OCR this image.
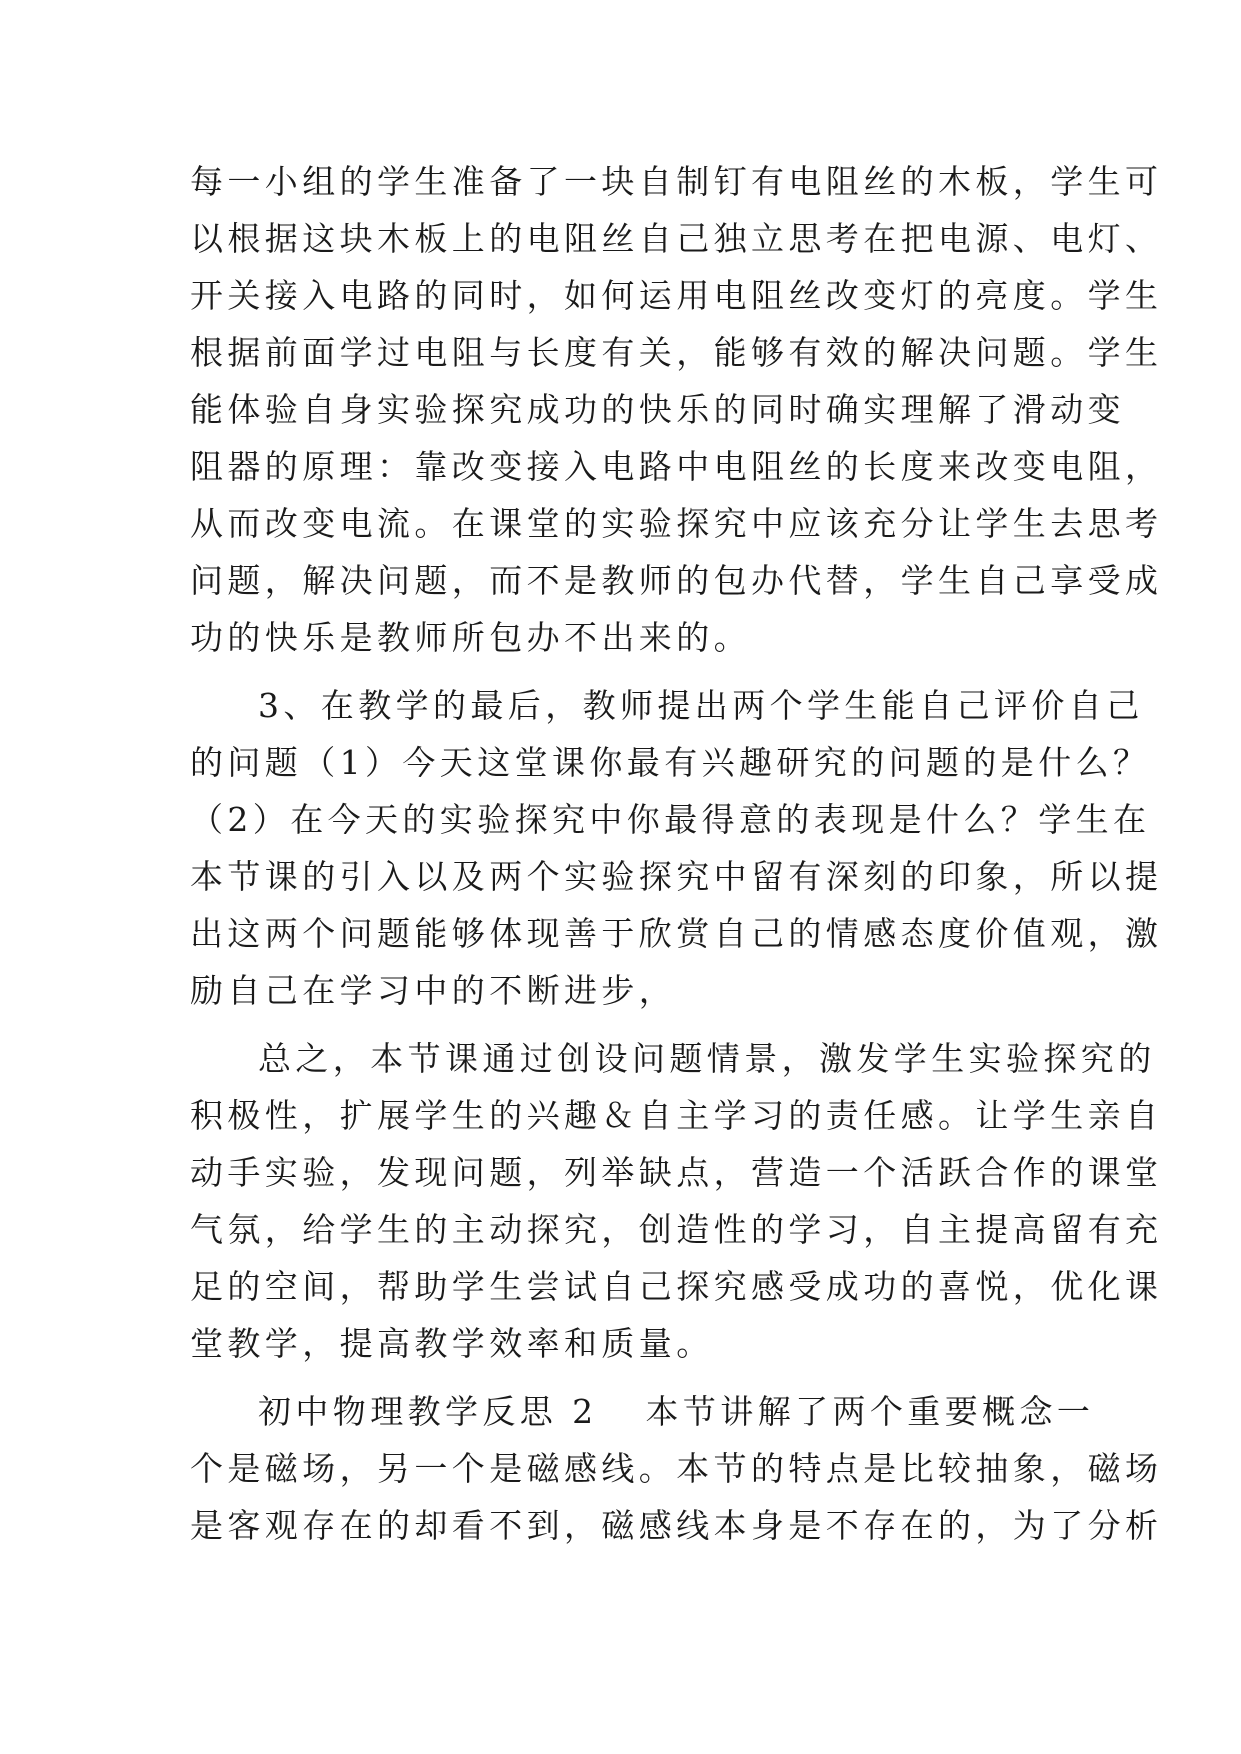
每一小组的学生准备了一块自制钉有电阻丝的木板，学生可

以根据这块木板上的电阻丝自己独立思考在把电源、电灯、

开关接入电路的同时，如何运用电阻丝改变灯的亮度。学生

根据前面学过电阻与长度有关，能够有效的解决问题。学生

能体验自身实验探究成功的快乐的同时确实理解了滑动变

阻器的原理：靠改变接入电路中电阻丝的长度来改变电阻，

从而改变电流。在课堂的实验探究中应该充分让学生去思考

问题，解决问题，而不是教师的包办代替，学生自己享受成

功的快乐是教师所包办不出来的。

3、在教学的最后，教师提出两个学生能自己评价自己

的问题（1）今天这堂课你最有兴趣研究的问题的是什么？

（2）在今天的实验探究中你最得意的表现是什么？学生在

本节课的引入以及两个实验探究中留有深刻的印象，所以提

出这两个问题能够体现善于欣赏自己的情感态度价值观，激

励自己在学习中的不断进步，

总之，本节课通过创设问题情景，激发学生实验探究的

积极性，扩展学生的兴趣＆自主学习的责任感。让学生亲自

动手实验，发现问题，列举缺点，营造一个活跃合作的课堂

气氛，给学生的主动探究，创造性的学习，自主提高留有充

足的空间，帮助学生尝试自己探究感受成功的喜悦，优化课

堂教学，提高教学效率和质量。

初中物理教学反思 2 本节讲解了两个重要概念一

个是磁场，另一个是磁感线。本节的特点是比较抽象，磁场

是客观存在的却看不到，磁感线本身是不存在的，为了分析
